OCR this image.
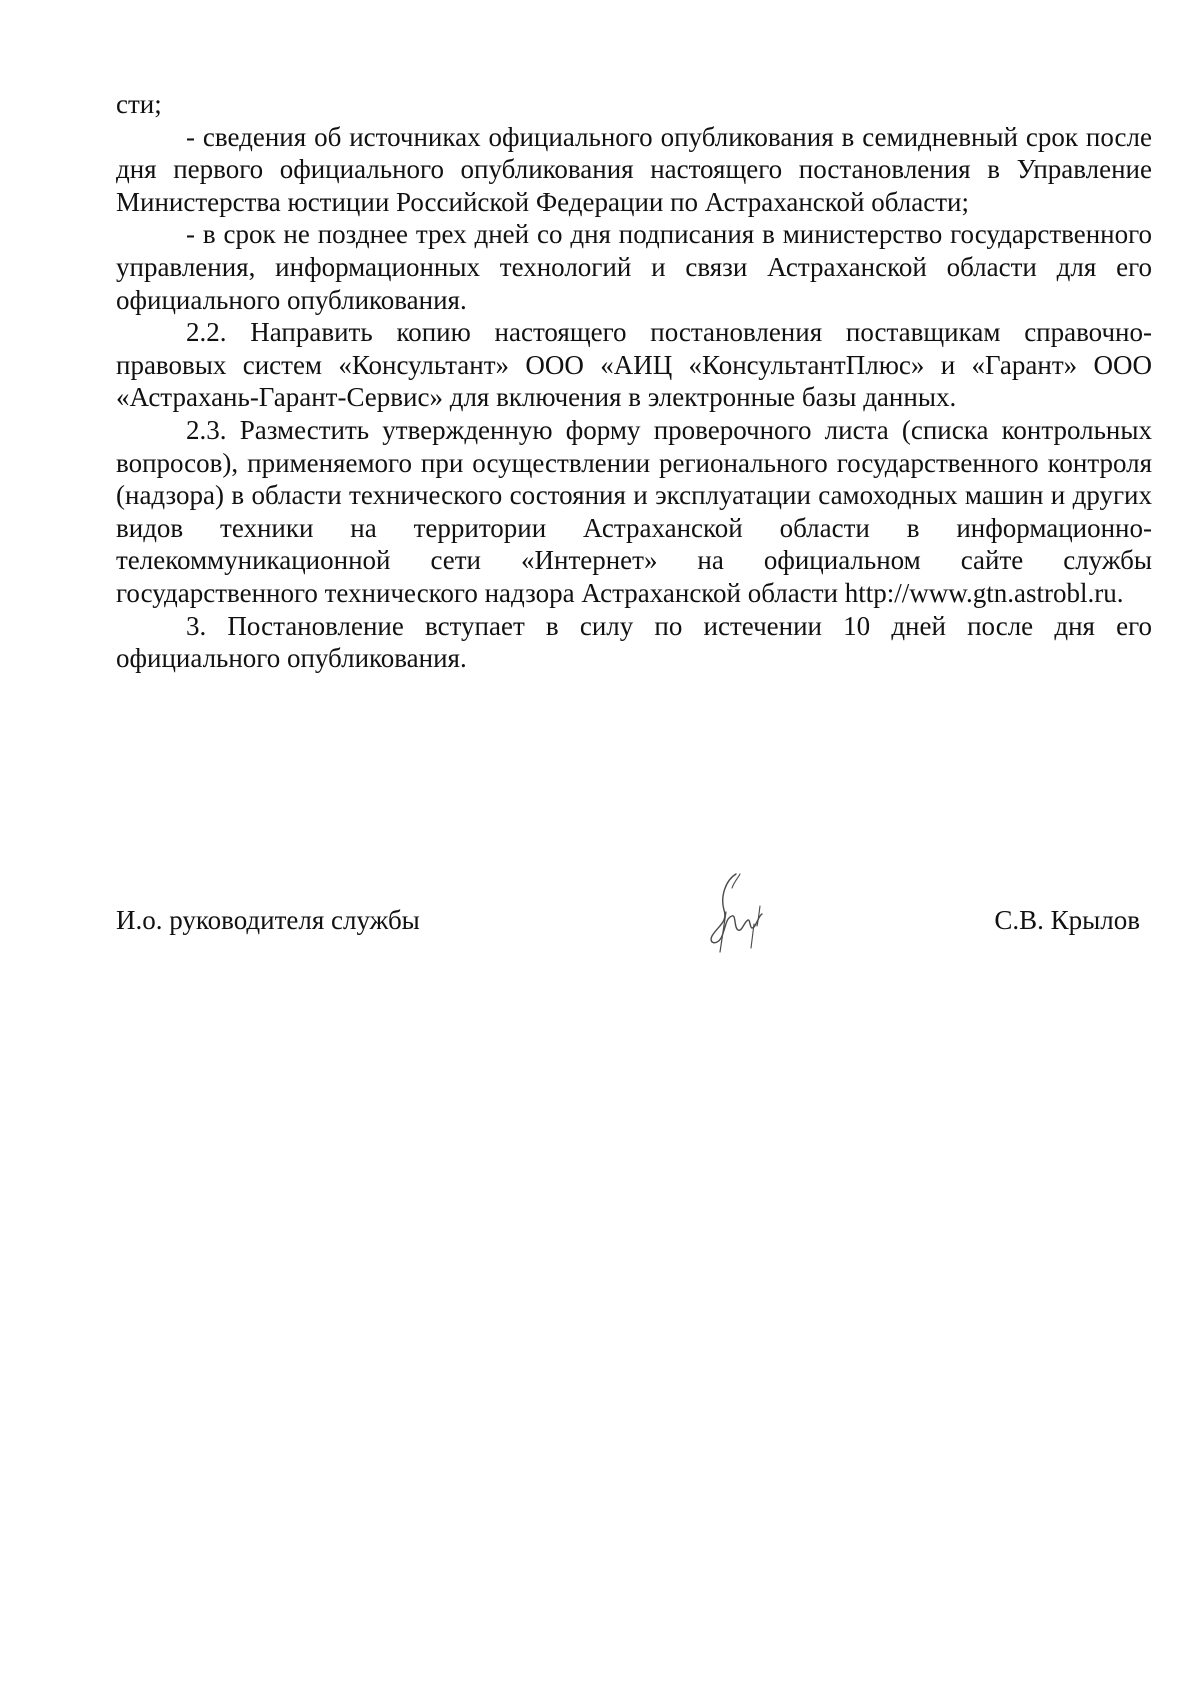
сти;

- сведения об источниках официального опубликования в семидневный срок после дня первого официального опубликования настоящего постановления в Управление Министерства юстиции Российской Федерации по Астраханской области;

- в срок не позднее трех дней со дня подписания в министерство государственного управления, информационных технологий и связи Астраханской области для его официального опубликования.

2.2. Направить копию настоящего постановления поставщикам справочно-правовых систем «Консультант» ООО «АИЦ «КонсультантПлюс» и «Гарант» ООО «Астрахань-Гарант-Сервис» для включения в электронные базы данных.

2.3. Разместить утвержденную форму проверочного листа (списка контрольных вопросов), применяемого при осуществлении регионального государственного контроля (надзора) в области технического состояния и эксплуатации самоходных машин и других видов техники на территории Астраханской области в информационно-телекоммуникационной сети «Интернет» на официальном сайте службы государственного технического надзора Астраханской области http://www.gtn.astrobl.ru.

3. Постановление вступает в силу по истечении 10 дней после дня его официального опубликования.

И.о. руководителя службы	С.В. Крылов
